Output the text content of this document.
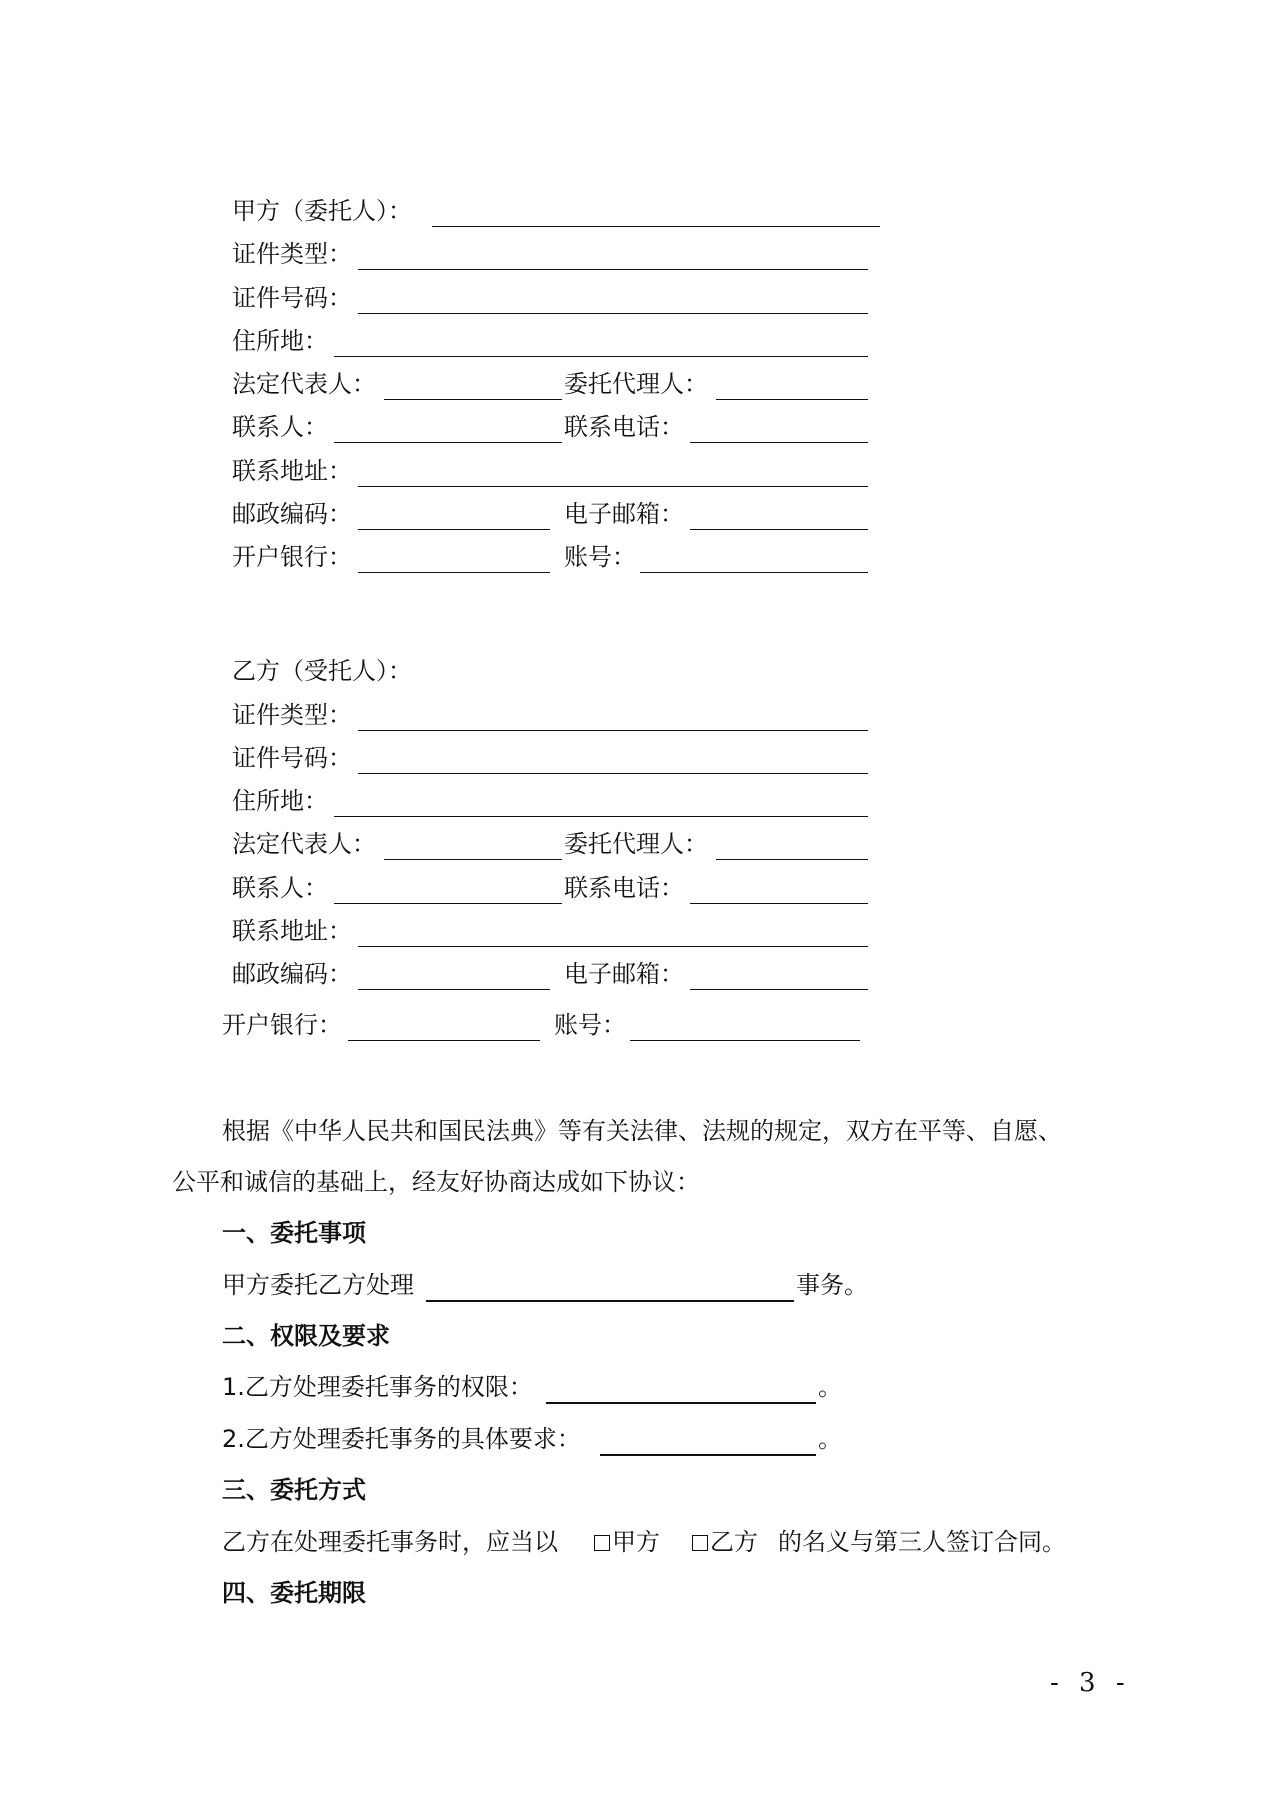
甲方（委托人）：
证件类型：
证件号码：
住所地：
法定代表人：	委托代理人：
联系人：	联系电话：
联系地址：
邮政编码：	电子邮箱：
开户银行：	账号：
乙方（受托人）：
证件类型：
证件号码：
住所地：
法定代表人：	委托代理人：
联系人：	联系电话：
联系地址：
邮政编码：	电子邮箱：
开户银行：	账号：
根据《中华人民共和国民法典》等有关法律、法规的规定，双方在平等、自愿、
公平和诚信的基础上，经友好协商达成如下协议：
一、委托事项
甲方委托乙方处理	事务。
二、权限及要求
1.乙方处理委托事务的权限：	。
2.乙方处理委托事务的具体要求：	。
三、委托方式
乙方在处理委托事务时，应当以	甲方	乙方 的名义与第三人签订合同。
四、委托期限
- 3 -
